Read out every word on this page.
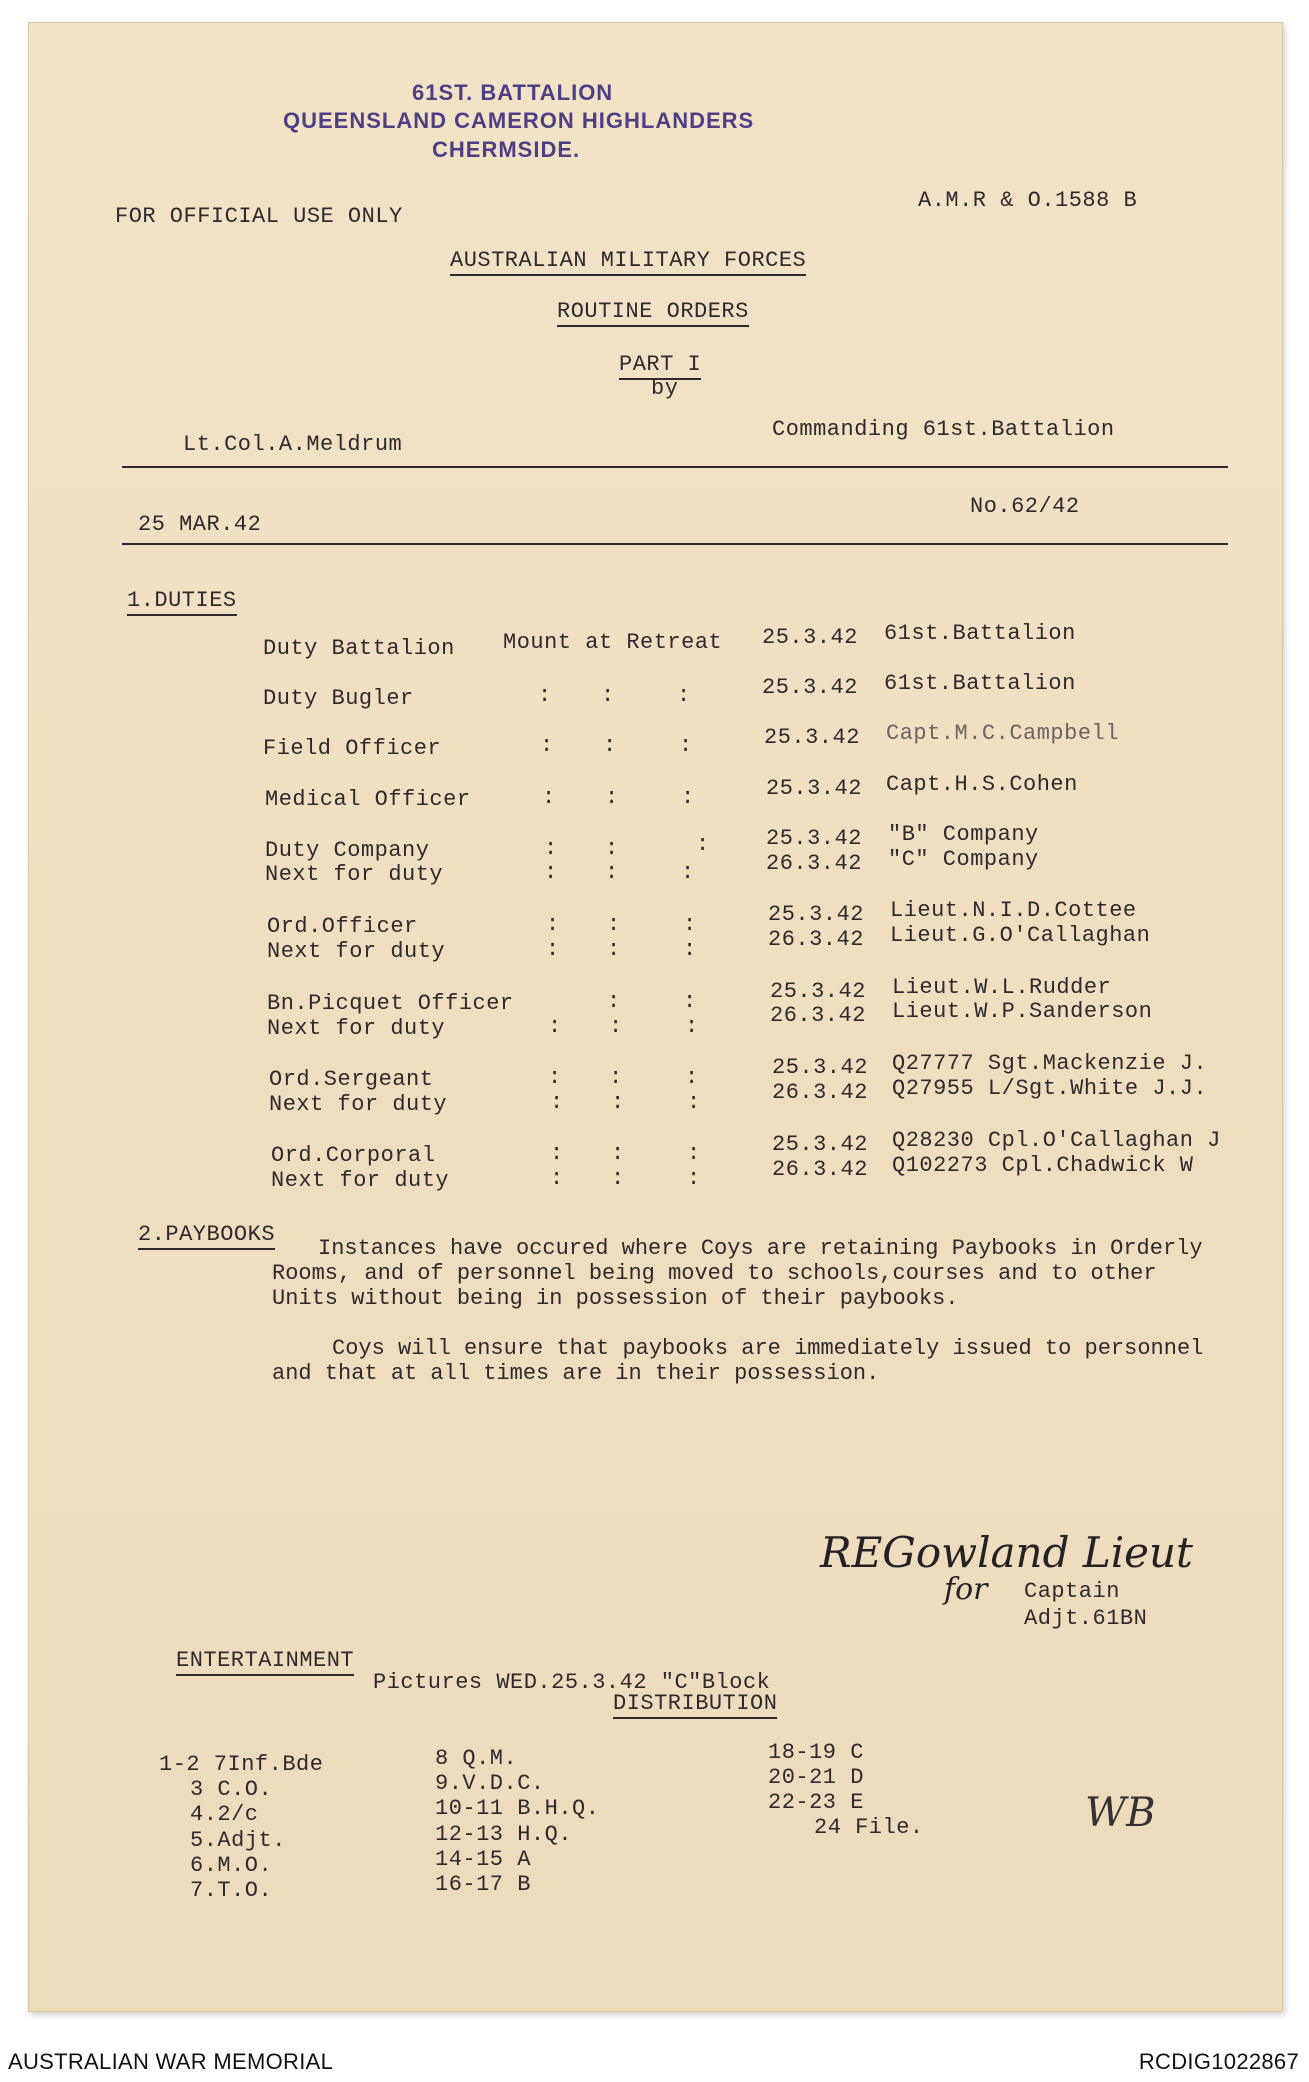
61ST. BATTALION
QUEENSLAND CAMERON HIGHLANDERS
CHERMSIDE.
FOR OFFICIAL USE ONLY
A.M.R & O.1588 B
AUSTRALIAN MILITARY FORCES
ROUTINE ORDERS
PART I
by
Lt.Col.A.Meldrum
Commanding 61st.Battalion
25 MAR.42
No.62/42
1.DUTIES
Duty Battalion Mount at Retreat 25.3.42 61st.Battalion
Duty Bugler	: :	:	25.3.42 61st.Battalion
Field Officer	: :	:	25.3.42 Capt.M.C.Campbell
Medical Officer	: :	:	25.3.42 Capt.H.S.Cohen
Duty Company	: :	:	25.3.42 "B" Company
Next for duty	: :	:	26.3.42 "C" Company
Ord.Officer	: :	:	25.3.42 Lieut.N.I.D.Cottee
Next for duty	: :	:	26.3.42 Lieut.G.O'Callaghan
Bn.Picquet Officer	:	:	25.3.42 Lieut.W.L.Rudder
Next for duty	: :	:	26.3.42 Lieut.W.P.Sanderson
Ord.Sergeant	: :	:	25.3.42 Q27777 Sgt.Mackenzie J.
Next for duty	: :	:	26.3.42 Q27955 L/Sgt.White J.J.
Ord.Corporal	: :	:	25.3.42 Q28230 Cpl.O'Callaghan J
Next for duty	: :	:	26.3.42 Q102273 Cpl.Chadwick W
2.PAYBOOKS
Instances have occured where Coys are retaining Paybooks in Orderly Rooms, and of personnel being moved to schools,courses and to other Units without being in possession of their paybooks.
Coys will ensure that paybooks are immediately issued to personnel and that at all times are in their possession.
REGowland Lieut
for Captain
Adjt.61BN
ENTERTAINMENT
Pictures WED.25.3.42 "C"Block
DISTRIBUTION
1-2 7Inf.Bde
3 C.O.
4.2/c
5.Adjt.
6.M.O.
7.T.O.
8 Q.M.
9.V.D.C.
10-11 B.H.Q.
12-13 H.Q.
14-15 A
16-17 B
18-19 C
20-21 D
22-23 E
24 File.	WB
AUSTRALIAN WAR MEMORIAL	RCDIG1022867
